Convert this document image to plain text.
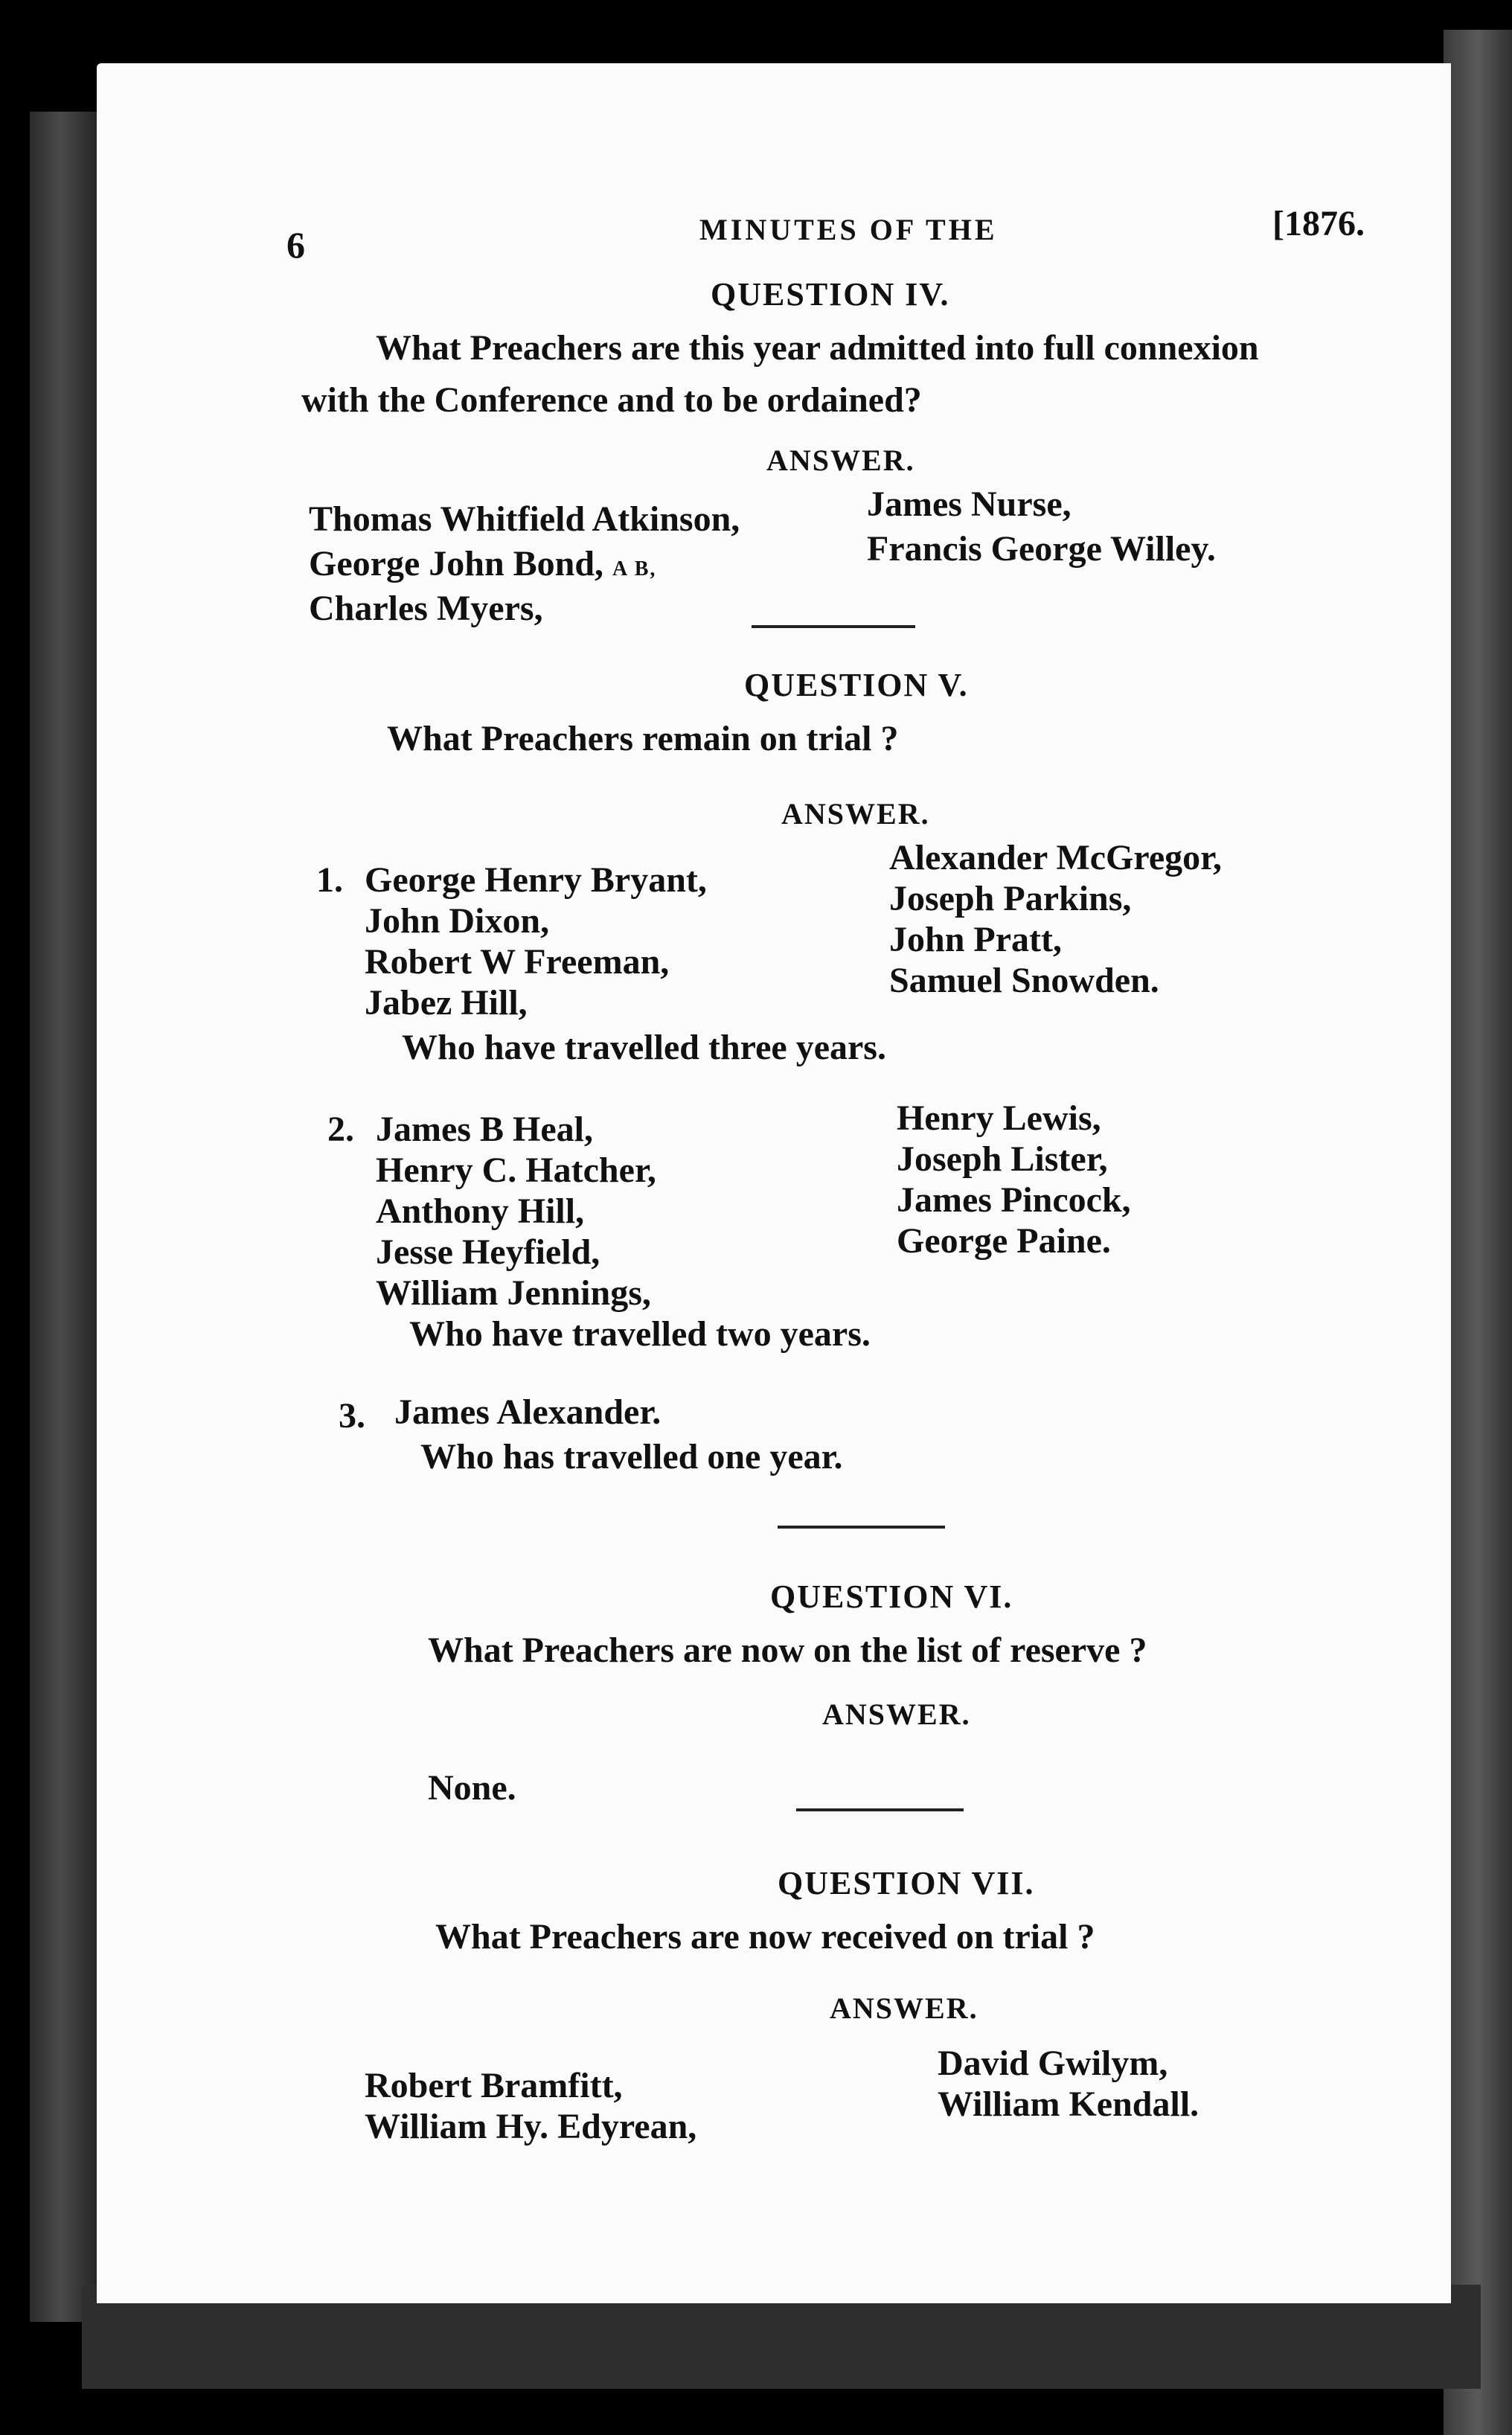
6	MINUTES OF THE	[1876.
QUESTION IV.
What Preachers are this year admitted into full connexion
with the Conference and to be ordained?
ANSWER.
Thomas Whitfield Atkinson,
George John Bond, A B,
Charles Myers,
James Nurse,
Francis George Willey.
QUESTION V.
What Preachers remain on trial ?
ANSWER.
1. George Henry Bryant,
John Dixon,
Robert W Freeman,
Jabez Hill,
Alexander McGregor,
Joseph Parkins,
John Pratt,
Samuel Snowden.
Who have travelled three years.
2. James B Heal,
Henry C. Hatcher,
Anthony Hill,
Jesse Heyfield,
William Jennings,
Henry Lewis,
Joseph Lister,
James Pincock,
George Paine.
Who have travelled two years.
3. James Alexander.
Who has travelled one year.
QUESTION VI.
What Preachers are now on the list of reserve ?
ANSWER.
None.
QUESTION VII.
What Preachers are now received on trial ?
ANSWER.
Robert Bramfitt,
William Hy. Edyrean,
David Gwilym,
William Kendall.
